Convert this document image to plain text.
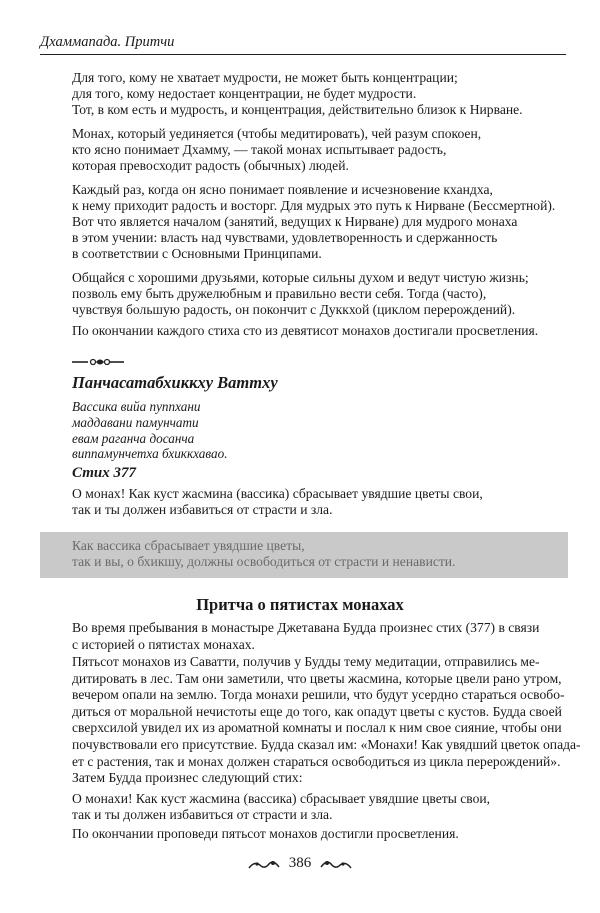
Дхаммапада. Притчи
Для того, кому не хватает мудрости, не может быть концентрации;
для того, кому недостает концентрации, не будет мудрости.
Тот, в ком есть и мудрость, и концентрация, действительно близок к Нирване.
Монах, который уединяется (чтобы медитировать), чей разум спокоен,
кто ясно понимает Дхамму, — такой монах испытывает радость,
которая превосходит радость (обычных) людей.
Каждый раз, когда он ясно понимает появление и исчезновение кхандха,
к нему приходит радость и восторг. Для мудрых это путь к Нирване (Бессмертной).
Вот что является началом (занятий, ведущих к Нирване) для мудрого монаха
в этом учении: власть над чувствами, удовлетворенность и сдержанность
в соответствии с Основными Принципами.
Общайся с хорошими друзьями, которые сильны духом и ведут чистую жизнь;
позволь ему быть дружелюбным и правильно вести себя. Тогда (часто),
чувствуя большую радость, он покончит с Дуккхой (циклом перерождений).
По окончании каждого стиха сто из девятисот монахов достигали просветления.
Панчасатабхиккху Ваттху
Вассика вийа пуппхани
маддавани памунчати
евам раганча досанча
виппамунчетха бхиккхавао.
Стих 377
О монах! Как куст жасмина (вассика) сбрасывает увядшие цветы свои,
так и ты должен избавиться от страсти и зла.
Как вассика сбрасывает увядшие цветы,
так и вы, о бхикшу, должны освободиться от страсти и ненависти.
Притча о пятистах монахах
Во время пребывания в монастыре Джетавана Будда произнес стих (377) в связи
с историей о пятистах монахах.
Пятьсот монахов из Саватти, получив у Будды тему медитации, отправились ме-
дитировать в лес. Там они заметили, что цветы жасмина, которые цвели рано утром,
вечером опали на землю. Тогда монахи решили, что будут усердно стараться освобо-
диться от моральной нечистоты еще до того, как опадут цветы с кустов. Будда своей
сверхсилой увидел их из ароматной комнаты и послал к ним свое сияние, чтобы они
почувствовали его присутствие. Будда сказал им: «Монахи! Как увядший цветок опада-
ет с растения, так и монах должен стараться освободиться из цикла перерождений».
Затем Будда произнес следующий стих:
О монахи! Как куст жасмина (вассика) сбрасывает увядшие цветы свои,
так и ты должен избавиться от страсти и зла.
По окончании проповеди пятьсот монахов достигли просветления.
386
